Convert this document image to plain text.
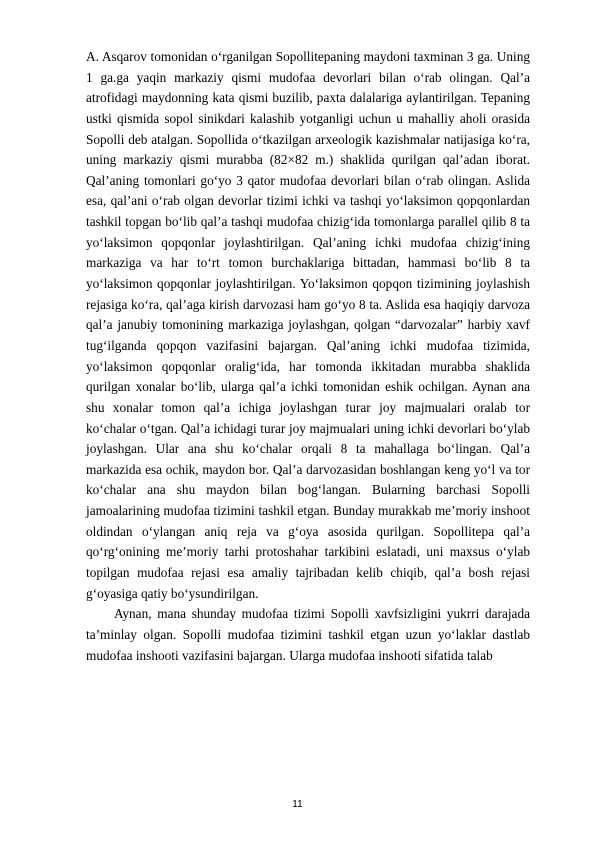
A. Asqarov tomonidan oʻrganilgan Sopollitepaning maydoni taxminan 3 ga. Uning
1 ga.ga yaqin markaziy qismi mudofaa devorlari bilan oʻrab olingan. Qalʼa
atrofidagi maydonning kata qismi buzilib, paxta dalalariga aylantirilgan. Tepaning
ustki qismida sopol sinikdari kalashib yotganligi uchun u mahalliy aholi orasida
Sopolli deb atalgan. Sopollida oʻtkazilgan arxeologik kazishmalar natijasiga koʻra,
uning markaziy qismi murabba (82×82 m.) shaklida qurilgan qalʼadan iborat.
Qalʼaning tomonlari goʻyo 3 qator mudofaa devorlari bilan oʻrab olingan. Aslida
esa, qalʼani oʻrab olgan devorlar tizimi ichki va tashqi yoʻlaksimon qopqonlardan
tashkil topgan boʻlib qalʼa tashqi mudofaa chizigʻida tomonlarga parallel qilib 8 ta
yoʻlaksimon qopqonlar joylashtirilgan. Qalʼaning ichki mudofaa chizigʻining
markaziga va har toʻrt tomon burchaklariga bittadan, hammasi boʻlib 8 ta
yoʻlaksimon qopqonlar joylashtirilgan. Yoʻlaksimon qopqon tizimining joylashish
rejasiga koʻra, qalʼaga kirish darvozasi ham goʻyo 8 ta. Aslida esa haqiqiy darvoza
qalʼa janubiy tomonining markaziga joylashgan, qolgan “darvozalar” harbiy xavf
tugʻilganda qopqon vazifasini bajargan. Qalʼaning ichki mudofaa tizimida,
yoʻlaksimon qopqonlar oraligʻida, har tomonda ikkitadan murabba shaklida
qurilgan xonalar boʻlib, ularga qalʼa ichki tomonidan eshik ochilgan. Aynan ana
shu xonalar tomon qalʼa ichiga joylashgan turar joy majmualari oralab tor
koʻchalar oʻtgan. Qalʼa ichidagi turar joy majmualari uning ichki devorlari boʻylab
joylashgan. Ular ana shu koʻchalar orqali 8 ta mahallaga boʻlingan. Qalʼa
markazida esa ochik, maydon bor. Qalʼa darvozasidan boshlangan keng yoʻl va tor
koʻchalar ana shu maydon bilan bogʻlangan. Bularning barchasi Sopolli
jamoalarining mudofaa tizimini tashkil etgan. Bunday murakkab meʼmoriy inshoot
oldindan oʻylangan aniq reja va gʻoya asosida qurilgan. Sopollitepa qalʼa
qoʻrgʻonining meʼmoriy tarhi protoshahar tarkibini eslatadi, uni maxsus oʻylab
topilgan mudofaa rejasi esa amaliy tajribadan kelib chiqib, qalʼa bosh rejasi
gʻoyasiga qatiy boʻysundirilgan.
Aynan, mana shunday mudofaa tizimi Sopolli xavfsizligini yukrri darajada
taʼminlay olgan. Sopolli mudofaa tizimini tashkil etgan uzun yoʻlaklar dastlab
mudofaa inshooti vazifasini bajargan. Ularga mudofaa inshooti sifatida talab
11
